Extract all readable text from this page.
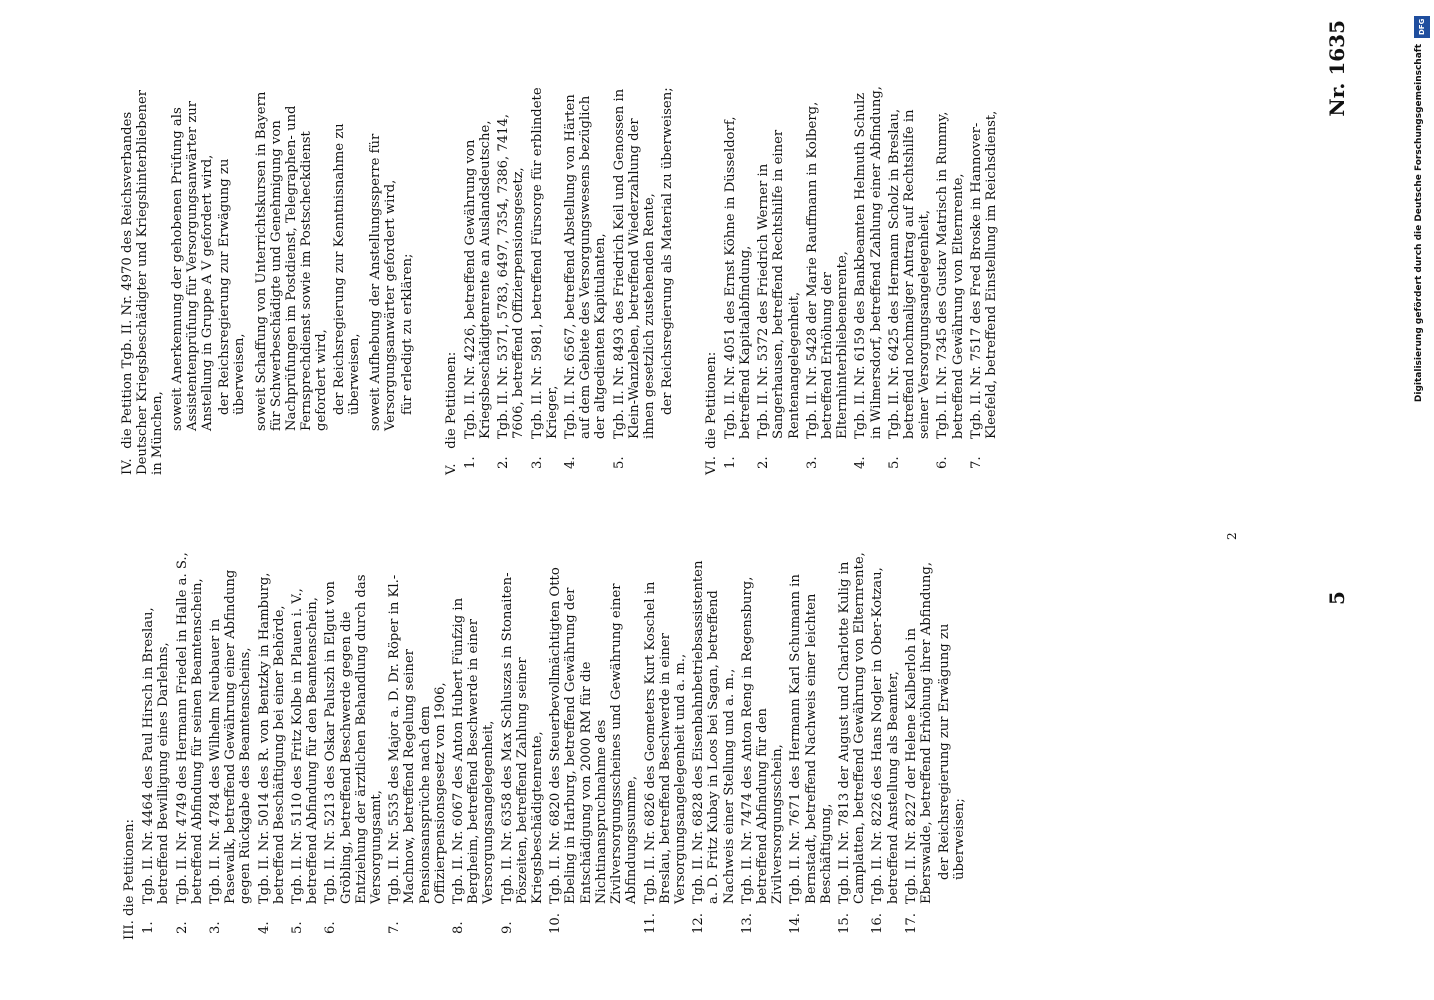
III. die Petitionen: 1.
Tgb. II. Nr. 4464 des Paul Hirsch in Breslau, betreffend Bewilligung eines Darlehns,
2.
Tgb. II. Nr. 4749 des Hermann Friedel in Halle a. S., betreffend Abfindung für seinen Beamtenschein,
3.
Tgb. II. Nr. 4784 des Wilhelm Neubauer in Pasewalk, betreffend Gewährung einer Abfindung gegen Rückgabe des Beamtenscheins,
4.
Tgb. II. Nr. 5014 des R. von Bentzky in Hamburg, betreffend Beschäftigung bei einer Behörde,
5.
Tgb. II. Nr. 5110 des Fritz Kolbe in Plauen i. V., betreffend Abfindung für den Beamtenschein,
6.
Tgb. II. Nr. 5213 des Oskar Paluszh in Elgut von Gröbling, betreffend Beschwerde gegen die Entziehung der ärztlichen Behandlung durch das Versorgungsamt,
7.
Tgb. II. Nr. 5535 des Major a. D. Dr. Röper in Kl.-Machnow, betreffend Regelung seiner Pensionsansprüche nach dem Offizierpensionsgesetz von 1906,
8.
Tgb. II. Nr. 6067 des Anton Hubert Fünfzig in Bergheim, betreffend Beschwerde in einer Versorgungsangelegenheit,
9.
Tgb. II. Nr. 6358 des Max Schluszas in Stonaiten-Pöszeiten, betreffend Zahlung seiner Kriegsbeschädigtenrente,
10.
Tgb. II. Nr. 6820 des Steuerbevollmächtigten Otto Ebeling in Harburg, betreffend Gewährung der Entschädigung von 2000 RM für die Nichtinanspruchnahme des Zivilversorgungsscheines und Gewährung einer Abfindungssumme,
11.
Tgb. II. Nr. 6826 des Geometers Kurt Koschel in Breslau, betreffend Beschwerde in einer Versorgungsangelegenheit und a. m.,
12.
Tgb. II. Nr. 6828 des Eisenbahnbetriebsassistenten a. D. Fritz Kubay in Loos bei Sagan, betreffend Nachweis einer Stellung und a. m.,
13.
Tgb. II. Nr. 7474 des Anton Reng in Regensburg, betreffend Abfindung für den Zivilversorgungsschein,
14.
Tgb. II. Nr. 7671 des Hermann Karl Schumann in Bernstadt, betreffend Nachweis einer leichten Beschäftigung,
15.
Tgb. II. Nr. 7813 der August und Charlotte Kulig in Camplatten, betreffend Gewährung von Elternrente,
16.
Tgb. II. Nr. 8226 des Hans Nogler in Ober-Kotzau, betreffend Anstellung als Beamter,
17.
Tgb. II. Nr. 8227 der Helene Kalberloh in Eberswalde, betreffend Erhöhung ihrer Abfindung, der Reichsregierung zur Erwägung zu überweisen;
IV. die Petition Tgb. II. Nr. 4970 des Reichsverbandes Deutscher Kriegsbeschädigter und Kriegshinterbliebener in München,
soweit Anerkennung der gehobenen Prüfung als Assistentenprüfung für Versorgungsanwärter zur Anstellung in Gruppe A V gefordert wird, der Reichsregierung zur Erwägung zu überweisen, soweit Schaffung von Unterrichtskursen in Bayern für Schwerbeschädigte und Genehmigung von Nachprüfungen im Postdienst, Telegraphen- und Fernsprechdienst sowie im Postscheckdienst gefordert wird, der Reichsregierung zur Kenntnisnahme zu überweisen, soweit Aufhebung der Anstellungssperre für Versorgungsanwärter gefordert wird, für erledigt zu erklären;
V. die Petitionen:
1.
Tgb. II. Nr. 4226, betreffend Gewährung von Kriegsbeschädigtenrente an Auslandsdeutsche,
2.
Tgb. II. Nr. 5371, 5783, 6497, 7354, 7386, 7414, 7606, betreffend Offizierpensionsgesetz,
3.
Tgb. II. Nr. 5981, betreffend Fürsorge für erblindete Krieger,
4.
Tgb. II. Nr. 6567, betreffend Abstellung von Härten auf dem Gebiete des Versorgungswesens bezüglich der altgedienten Kapitulanten,
5.
Tgb. II. Nr. 8493 des Friedrich Keil und Genossen in Klein-Wanzleben, betreffend Wiederzahlung der ihnen gesetzlich zustehenden Rente, der Reichsregierung als Material zu überweisen;
VI. die Petitionen:
1.
Tgb. II. Nr. 4051 des Ernst Köhne in Düsseldorf, betreffend Kapitalabfindung,
2.
Tgb. II. Nr. 5372 des Friedrich Werner in Sangerhausen, betreffend Rechtshilfe in einer Rentenangelegenheit,
3.
Tgb. II. Nr. 5428 der Marie Rauffmann in Kolberg, betreffend Erhöhung der Elternhinterbliebenenrente,
4.
Tgb. II. Nr. 6159 des Bankbeamten Helmuth Schulz in Wilmersdorf, betreffend Zahlung einer Abfindung,
5.
Tgb. II. Nr. 6425 des Hermann Scholz in Breslau, betreffend nochmaliger Antrag auf Rechtshilfe in seiner Versorgungsangelegenheit,
6.
Tgb. II. Nr. 7345 des Gustav Matrisch in Rummy, betreffend Gewährung von Elternrente,
7.
Tgb. II. Nr. 7517 des Fred Broske in Hannover-Kleefeld, betreffend Einstellung im Reichsdienst,
5
Nr. 1635
2
DFG
Digitalisierung gefördert durch die Deutsche Forschungsgemeinschaft
